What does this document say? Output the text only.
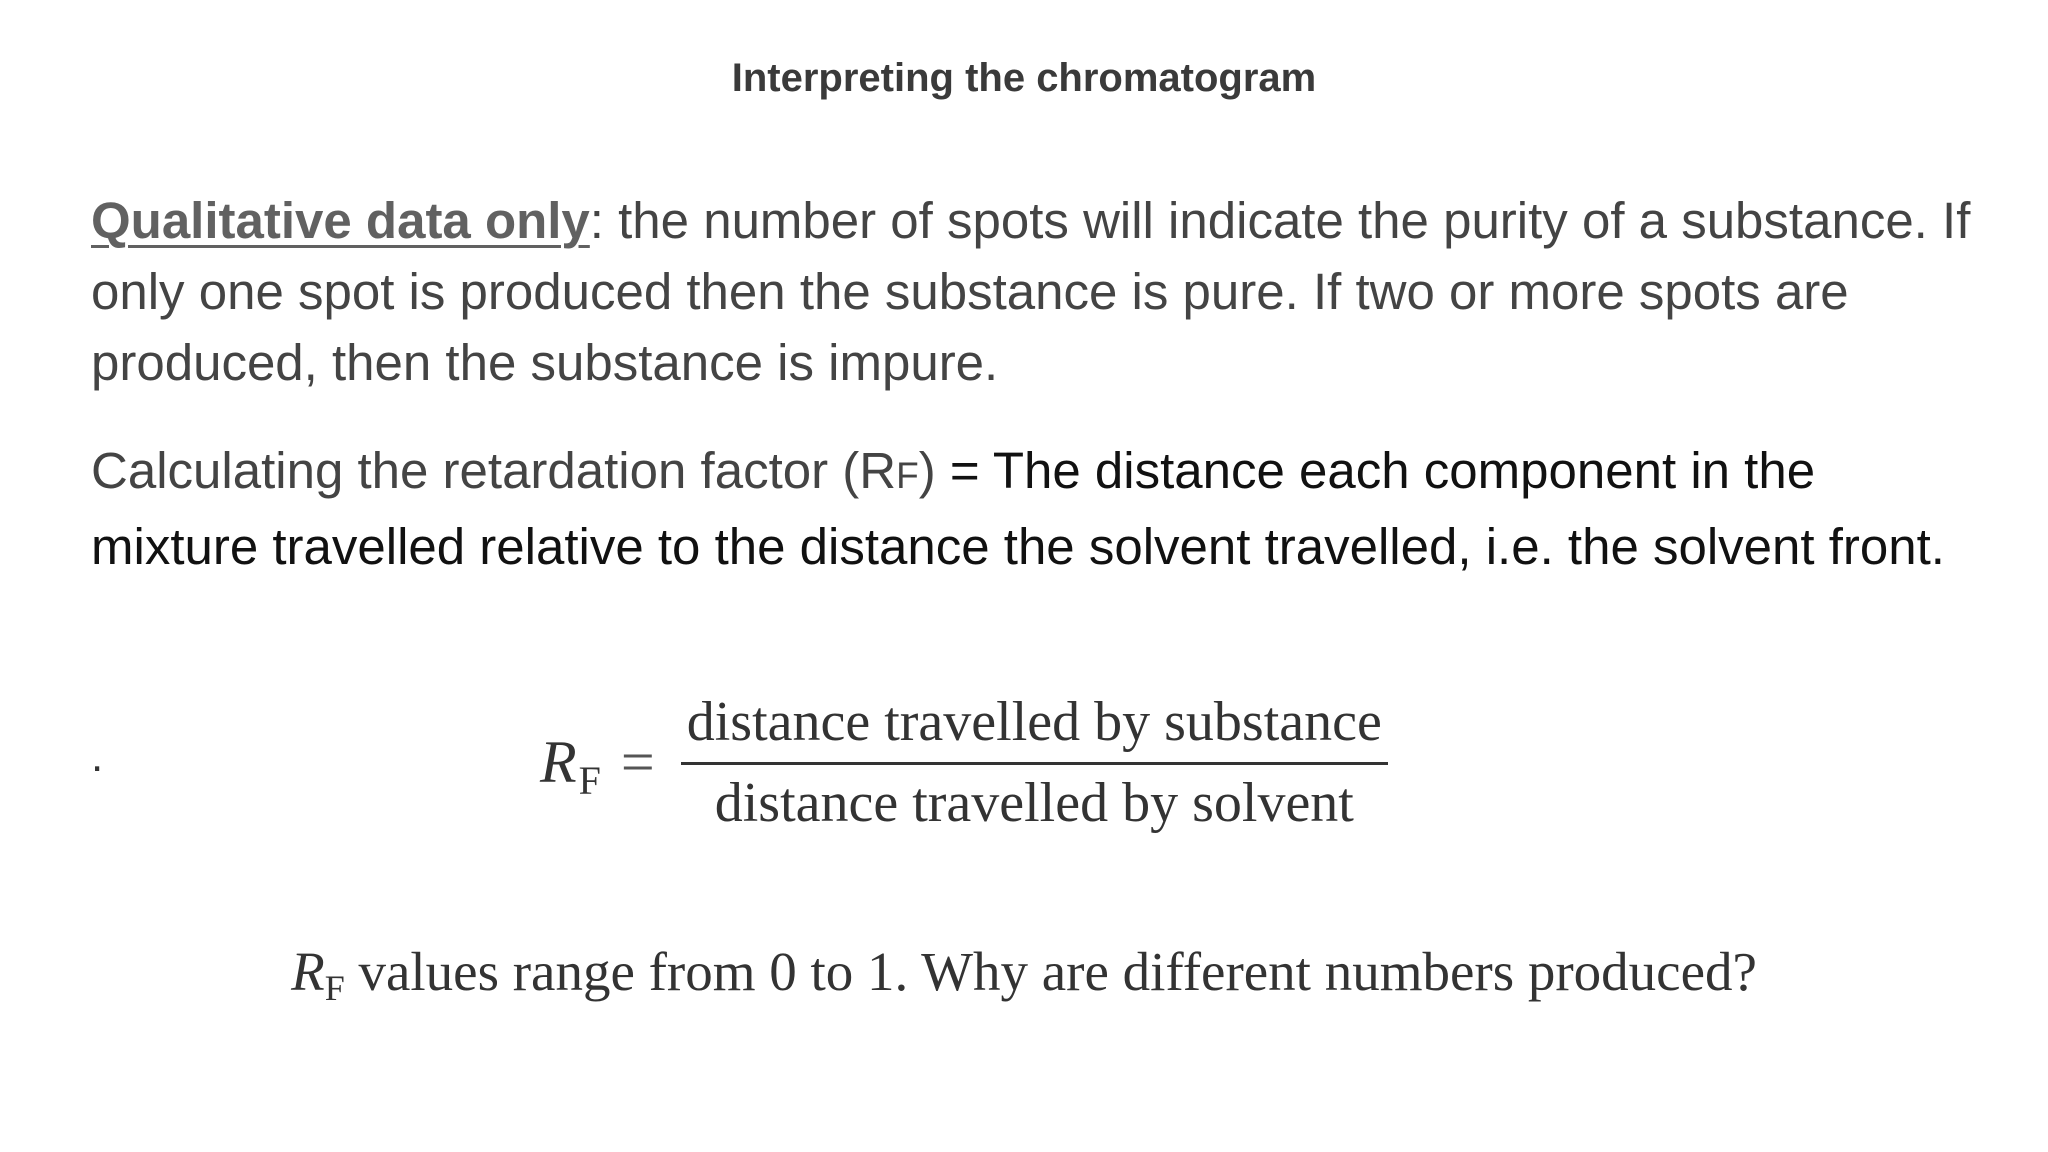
Interpreting the chromatogram
Qualitative data only: the number of spots will indicate the purity of a substance. If only one spot is produced then the substance is pure. If two or more spots are produced, then the substance is impure.
Calculating the retardation factor (RF) = The distance each component in the mixture travelled relative to the distance the solvent travelled, i.e. the solvent front.
.	$R_F = \frac{\text{distance travelled by substance}}{\text{distance travelled by solvent}}$
RF values range from 0 to 1. Why are different numbers produced?
